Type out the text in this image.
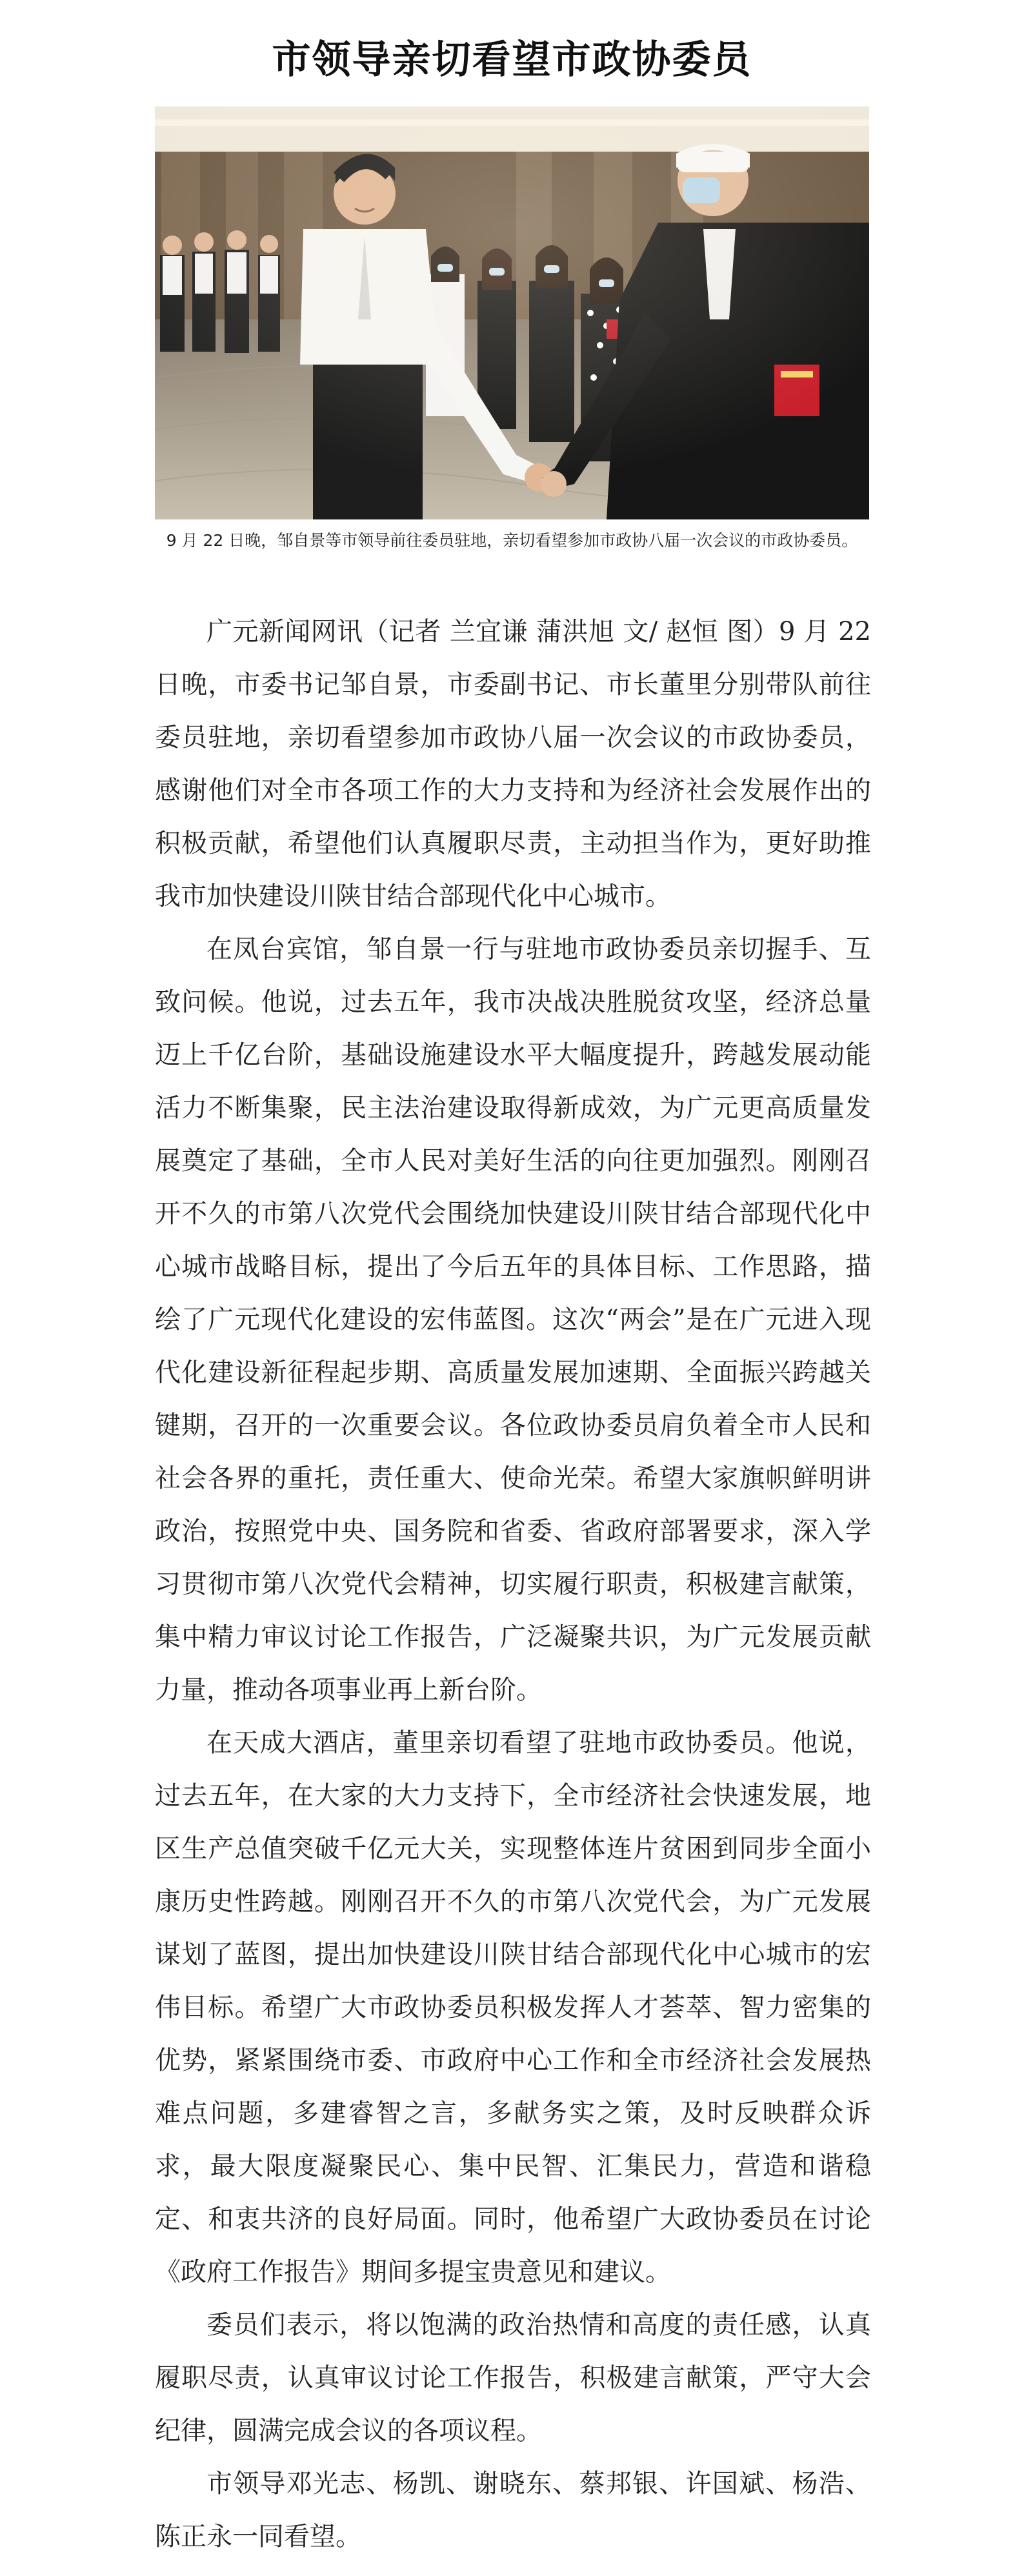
市领导亲切看望市政协委员
9 月 22 日晚，邹自景等市领导前往委员驻地，亲切看望参加市政协八届一次会议的市政协委员。

广元新闻网讯（记者 兰宜谦 蒲洪旭 文/ 赵恒 图）9 月 22 日晚，市委书记邹自景，市委副书记、市长董里分别带队前往委员驻地，亲切看望参加市政协八届一次会议的市政协委员，感谢他们对全市各项工作的大力支持和为经济社会发展作出的积极贡献，希望他们认真履职尽责，主动担当作为，更好助推我市加快建设川陕甘结合部现代化中心城市。

在凤台宾馆，邹自景一行与驻地市政协委员亲切握手、互致问候。他说，过去五年，我市决战决胜脱贫攻坚，经济总量迈上千亿台阶，基础设施建设水平大幅度提升，跨越发展动能活力不断集聚，民主法治建设取得新成效，为广元更高质量发展奠定了基础，全市人民对美好生活的向往更加强烈。刚刚召开不久的市第八次党代会围绕加快建设川陕甘结合部现代化中心城市战略目标，提出了今后五年的具体目标、工作思路，描绘了广元现代化建设的宏伟蓝图。这次“两会”是在广元进入现代化建设新征程起步期、高质量发展加速期、全面振兴跨越关键期，召开的一次重要会议。各位政协委员肩负着全市人民和社会各界的重托，责任重大、使命光荣。希望大家旗帜鲜明讲政治，按照党中央、国务院和省委、省政府部署要求，深入学习贯彻市第八次党代会精神，切实履行职责，积极建言献策，集中精力审议讨论工作报告，广泛凝聚共识，为广元发展贡献力量，推动各项事业再上新台阶。

在天成大酒店，董里亲切看望了驻地市政协委员。他说，过去五年，在大家的大力支持下，全市经济社会快速发展，地区生产总值突破千亿元大关，实现整体连片贫困到同步全面小康历史性跨越。刚刚召开不久的市第八次党代会，为广元发展谋划了蓝图，提出加快建设川陕甘结合部现代化中心城市的宏伟目标。希望广大市政协委员积极发挥人才荟萃、智力密集的优势，紧紧围绕市委、市政府中心工作和全市经济社会发展热难点问题，多建睿智之言，多献务实之策，及时反映群众诉求，最大限度凝聚民心、集中民智、汇集民力，营造和谐稳定、和衷共济的良好局面。同时，他希望广大政协委员在讨论《政府工作报告》期间多提宝贵意见和建议。

委员们表示，将以饱满的政治热情和高度的责任感，认真履职尽责，认真审议讨论工作报告，积极建言献策，严守大会纪律，圆满完成会议的各项议程。

市领导邓光志、杨凯、谢晓东、蔡邦银、许国斌、杨浩、陈正永一同看望。
